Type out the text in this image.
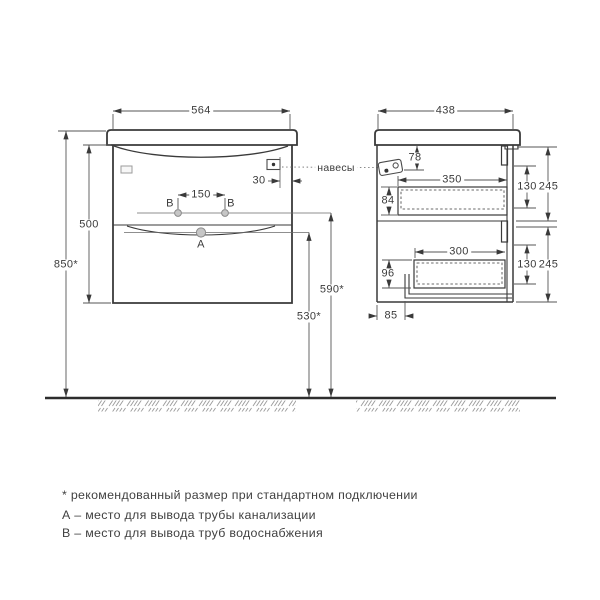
564
850*
500
150
30
590*
530*
В	В
А
навесы
438
78
350
84
130 245
300
96
130 245
85
* рекомендованный размер при стандартном подключении
А – место для вывода трубы канализации
В – место для вывода труб водоснабжения
